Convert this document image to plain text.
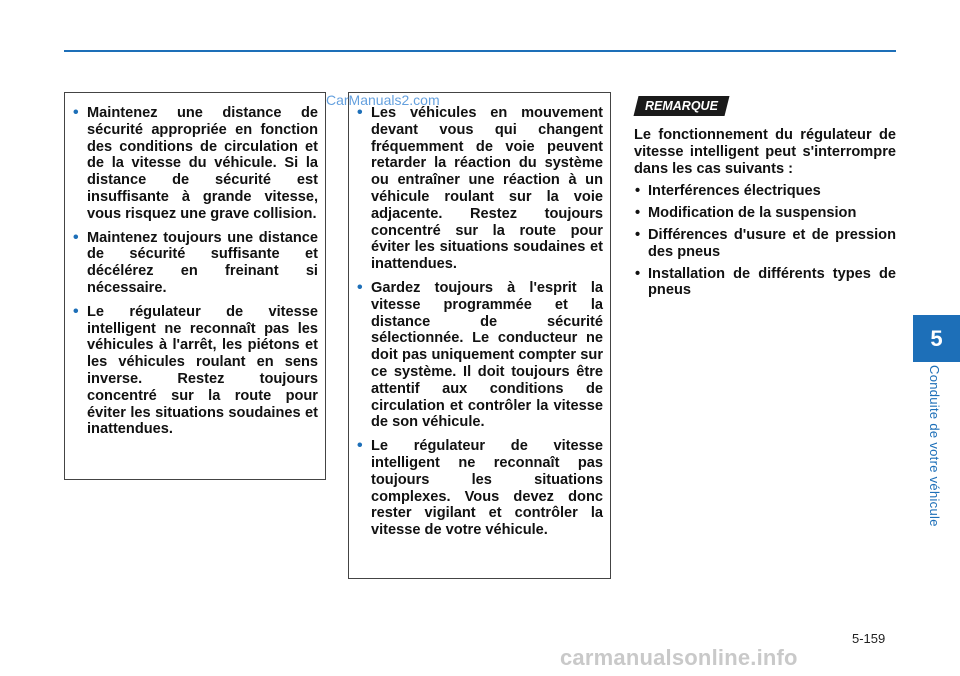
CarManuals2.com
• Maintenez une distance de sécurité appropriée en fonction des conditions de circulation et de la vitesse du véhicule. Si la distance de sécurité est insuffisante à grande vitesse, vous risquez une grave collision.
• Maintenez toujours une distance de sécurité suffisante et décélérez en freinant si nécessaire.
• Le régulateur de vitesse intelligent ne reconnaît pas les véhicules à l'arrêt, les piétons et les véhicules roulant en sens inverse. Restez toujours concentré sur la route pour éviter les situations soudaines et inattendues.
• Les véhicules en mouvement devant vous qui changent fréquemment de voie peuvent retarder la réaction du système ou entraîner une réaction à un véhicule roulant sur la voie adjacente. Restez toujours concentré sur la route pour éviter les situations soudaines et inattendues.
• Gardez toujours à l'esprit la vitesse programmée et la distance de sécurité sélectionnée. Le conducteur ne doit pas uniquement compter sur ce système. Il doit toujours être attentif aux conditions de circulation et contrôler la vitesse de son véhicule.
• Le régulateur de vitesse intelligent ne reconnaît pas toujours les situations complexes. Vous devez donc rester vigilant et contrôler la vitesse de votre véhicule.
REMARQUE
Le fonctionnement du régulateur de vitesse intelligent peut s'interrompre dans les cas suivants :
• Interférences électriques
• Modification de la suspension
• Différences d'usure et de pression des pneus
• Installation de différents types de pneus
5
Conduite de votre véhicule
5-159
carmanualsonline.info
